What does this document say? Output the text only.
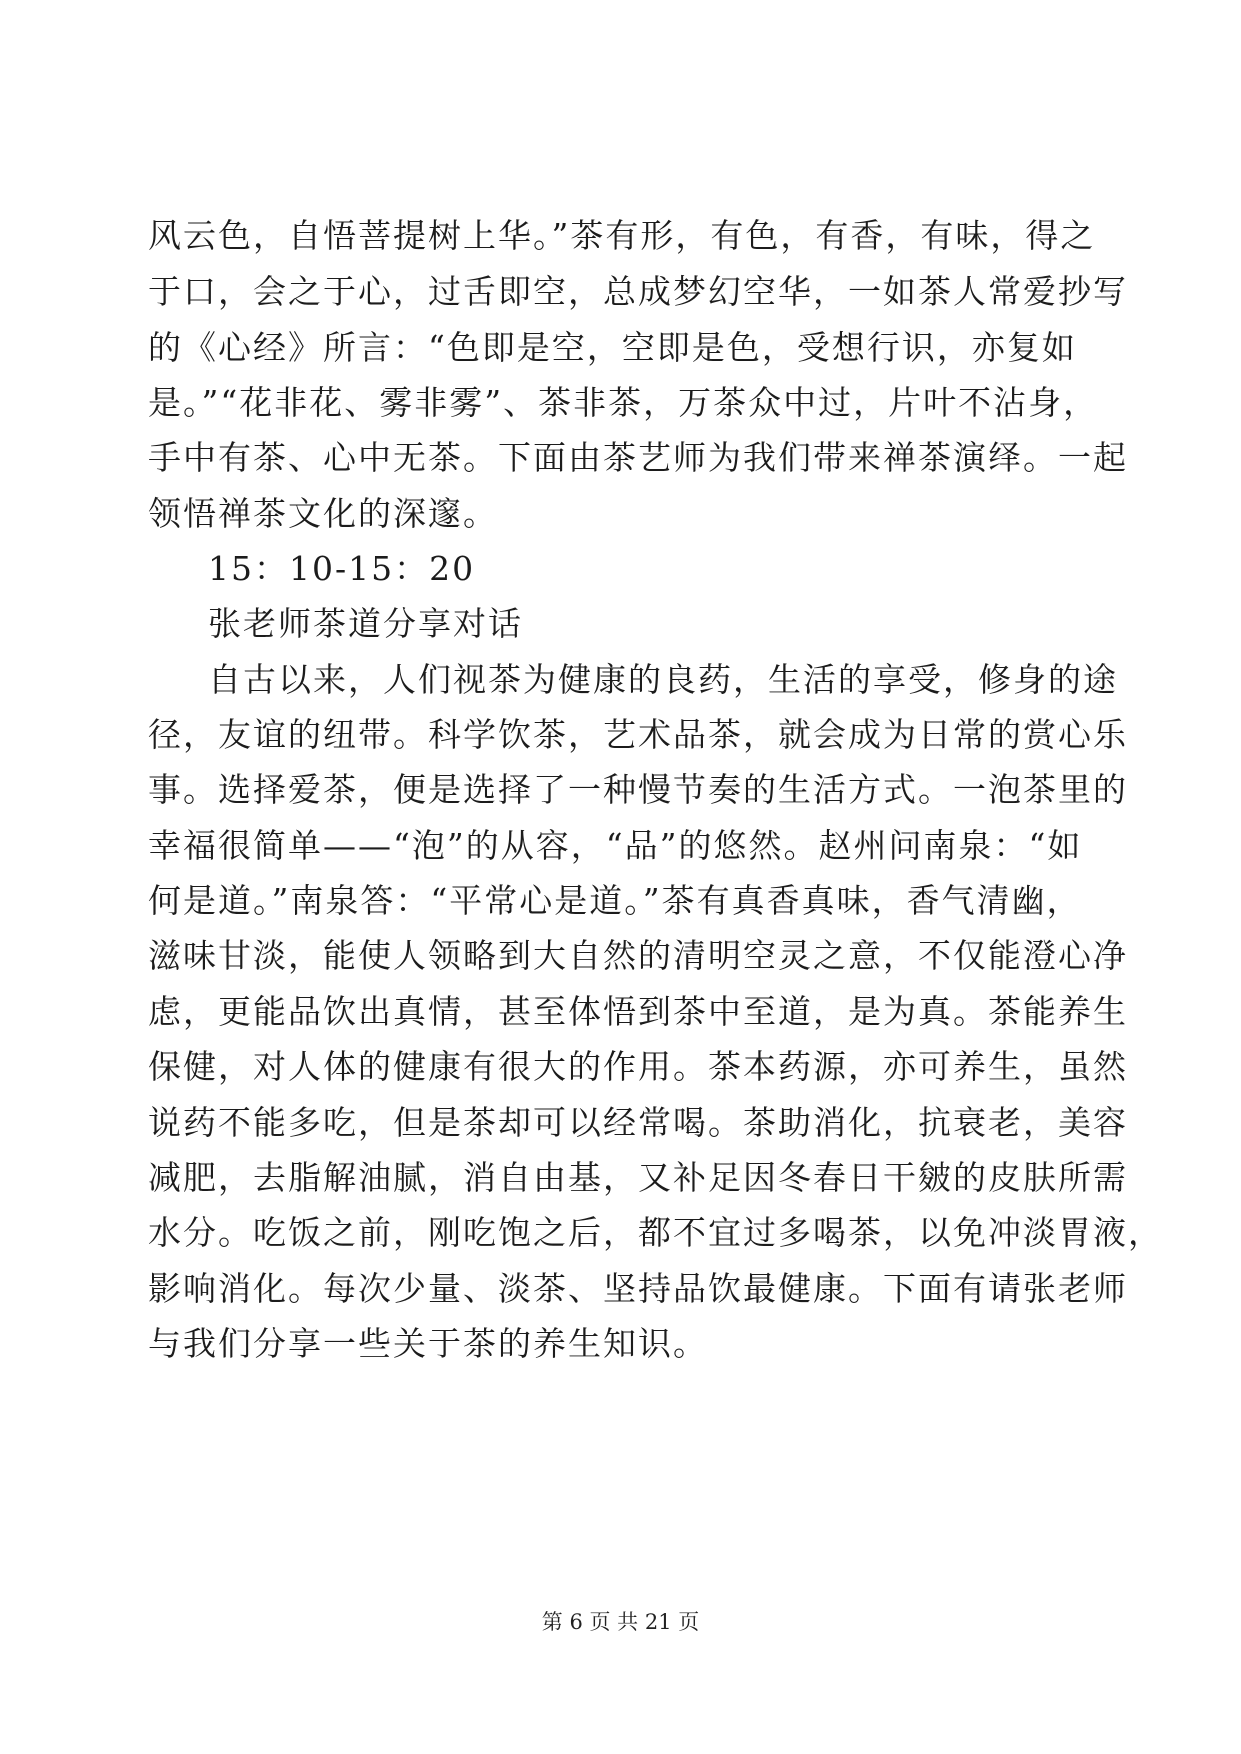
风云色，自悟菩提树上华。”茶有形，有色，有香，有味，得之
于口，会之于心，过舌即空，总成梦幻空华，一如茶人常爱抄写
的《心经》所言：“色即是空，空即是色，受想行识，亦复如
是。”“花非花、雾非雾”、茶非茶，万茶众中过，片叶不沾身，
手中有茶、心中无茶。下面由茶艺师为我们带来禅茶演绎。一起
领悟禅茶文化的深邃。
15：10-15：20
张老师茶道分享对话
自古以来，人们视茶为健康的良药，生活的享受，修身的途
径，友谊的纽带。科学饮茶，艺术品茶，就会成为日常的赏心乐
事。选择爱茶，便是选择了一种慢节奏的生活方式。一泡茶里的
幸福很简单——“泡”的从容，“品”的悠然。赵州问南泉：“如
何是道。”南泉答：“平常心是道。”茶有真香真味，香气清幽，
滋味甘淡，能使人领略到大自然的清明空灵之意，不仅能澄心净
虑，更能品饮出真情，甚至体悟到茶中至道，是为真。茶能养生
保健，对人体的健康有很大的作用。茶本药源，亦可养生，虽然
说药不能多吃，但是茶却可以经常喝。茶助消化，抗衰老，美容
减肥，去脂解油腻，消自由基，又补足因冬春日干皴的皮肤所需
水分。吃饭之前，刚吃饱之后，都不宜过多喝茶，以免冲淡胃液，
影响消化。每次少量、淡茶、坚持品饮最健康。下面有请张老师
与我们分享一些关于茶的养生知识。
第 6 页 共 21 页
